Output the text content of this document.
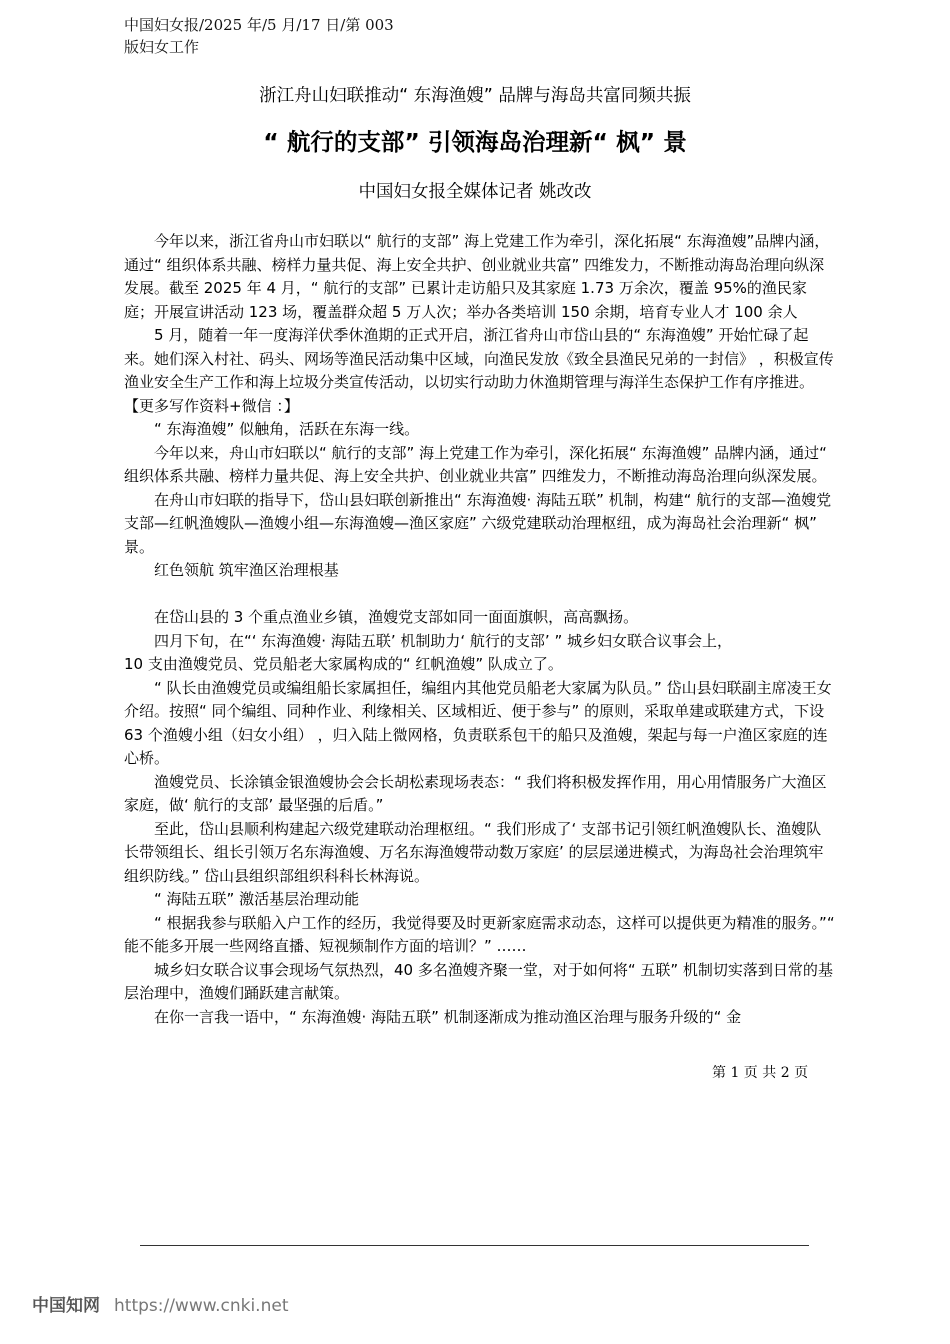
中国妇女报/2025 年/5 月/17 日/第 003
版妇女工作
浙江舟山妇联推动“ 东海渔嫂” 品牌与海岛共富同频共振
“ 航行的支部” 引领海岛治理新“ 枫” 景
中国妇女报全媒体记者 姚改改

今年以来，浙江省舟山市妇联以“ 航行的支部” 海上党建工作为牵引，深化拓展“ 东海渔嫂”品牌内涵，通过“ 组织体系共融、榜样力量共促、海上安全共护、创业就业共富” 四维发力，不断推动海岛治理向纵深发展。截至 2025 年 4 月，“ 航行的支部” 已累计走访船只及其家庭 1.73 万余次，覆盖 95%的渔民家庭；开展宣讲活动 123 场，覆盖群众超 5 万人次；举办各类培训 150 余期，培育专业人才 100 余人

5 月，随着一年一度海洋伏季休渔期的正式开启，浙江省舟山市岱山县的“ 东海渔嫂” 开始忙碌了起来。她们深入村社、码头、网场等渔民活动集中区域，向渔民发放《致全县渔民兄弟的一封信》 ，积极宣传渔业安全生产工作和海上垃圾分类宣传活动，以切实行动助力休渔期管理与海洋生态保护工作有序推进。【更多写作资料+微信 ：】

“ 东海渔嫂” 似触角，活跃在东海一线。

今年以来，舟山市妇联以“ 航行的支部” 海上党建工作为牵引，深化拓展“ 东海渔嫂” 品牌内涵，通过“ 组织体系共融、榜样力量共促、海上安全共护、创业就业共富” 四维发力，不断推动海岛治理向纵深发展。

在舟山市妇联的指导下，岱山县妇联创新推出“ 东海渔嫂· 海陆五联” 机制，构建“ 航行的支部—渔嫂党支部—红帆渔嫂队—渔嫂小组—东海渔嫂—渔区家庭” 六级党建联动治理枢纽，成为海岛社会治理新“ 枫” 景。

红色领航 筑牢渔区治理根基

在岱山县的 3 个重点渔业乡镇，渔嫂党支部如同一面面旗帜，高高飘扬。

四月下旬，在“‘ 东海渔嫂· 海陆五联’ 机制助力‘ 航行的支部’ ” 城乡妇女联合议事会上，

10 支由渔嫂党员、党员船老大家属构成的“ 红帆渔嫂” 队成立了。

“ 队长由渔嫂党员或编组船长家属担任，编组内其他党员船老大家属为队员。” 岱山县妇联副主席凌王女介绍。按照“ 同个编组、同种作业、利缘相关、区域相近、便于参与” 的原则，采取单建或联建方式，下设 63 个渔嫂小组（妇女小组） ，归入陆上微网格，负责联系包干的船只及渔嫂，架起与每一户渔区家庭的连心桥。

渔嫂党员、长涂镇金银渔嫂协会会长胡松素现场表态：“ 我们将积极发挥作用，用心用情服务广大渔区家庭，做‘ 航行的支部’ 最坚强的后盾。”

至此，岱山县顺利构建起六级党建联动治理枢纽。“ 我们形成了‘ 支部书记引领红帆渔嫂队长、渔嫂队长带领组长、组长引领万名东海渔嫂、万名东海渔嫂带动数万家庭’ 的层层递进模式，为海岛社会治理筑牢组织防线。” 岱山县组织部组织科科长林海说。

“ 海陆五联” 激活基层治理动能

“ 根据我参与联船入户工作的经历，我觉得要及时更新家庭需求动态，这样可以提供更为精准的服务。”“ 能不能多开展一些网络直播、短视频制作方面的培训？” ……

城乡妇女联合议事会现场气氛热烈，40 多名渔嫂齐聚一堂，对于如何将“ 五联” 机制切实落到日常的基层治理中，渔嫂们踊跃建言献策。

在你一言我一语中，“ 东海渔嫂· 海陆五联” 机制逐渐成为推动渔区治理与服务升级的“ 金

第 1 页 共 2 页
中国知网 https://www.cnki.net
